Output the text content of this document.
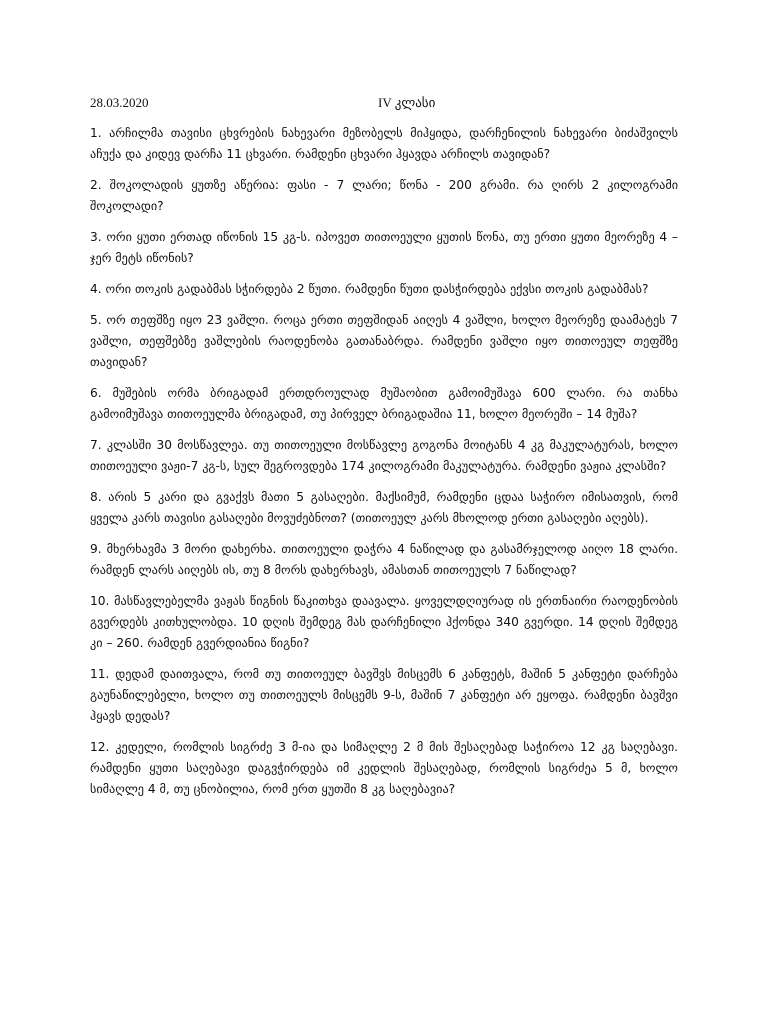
28.03.2020	IV კლასი

1. არჩილმა თავისი ცხვრების ნახევარი მეზობელს მიჰყიდა, დარჩენილის ნახევარი ბიძაშვილს აჩუქა და კიდევ დარჩა 11 ცხვარი. რამდენი ცხვარი ჰყავდა არჩილს თავიდან?

2. შოკოლადის ყუთზე აწერია: ფასი - 7 ლარი; წონა - 200 გრამი. რა ღირს 2 კილოგრამი შოკოლადი?

3. ორი ყუთი ერთად იწონის 15 კგ-ს. იპოვეთ თითოეული ყუთის წონა, თუ ერთი ყუთი მეორეზე 4 – ჯერ მეტს იწონის?

4. ორი თოკის გადაბმას სჭირდება 2 წუთი. რამდენი წუთი დასჭირდება ექვსი თოკის გადაბმას?

5. ორ თეფშზე იყო 23 ვაშლი. როცა ერთი თეფშიდან აიღეს 4 ვაშლი, ხოლო მეორეზე დაამატეს 7 ვაშლი, თეფშებზე ვაშლების რაოდენობა გათანაბრდა. რამდენი ვაშლი იყო თითოეულ თეფშზე თავიდან?

6. მუშების ორმა ბრიგადამ ერთდროულად მუშაობით გამოიმუშავა 600 ლარი. რა თანხა გამოიმუშავა თითოეულმა ბრიგადამ, თუ პირველ ბრიგადაშია 11, ხოლო მეორეში – 14 მუშა?

7. კლასში 30 მოსწავლეა. თუ თითოეული მოსწავლე გოგონა მოიტანს 4 კგ მაკულატურას, ხოლო თითოეული ვაჟი-7 კგ-ს, სულ შეგროვდება 174 კილოგრამი მაკულატურა. რამდენი ვაჟია კლასში?

8. არის 5 კარი და გვაქვს მათი 5 გასაღები. მაქსიმუმ, რამდენი ცდაა საჭირო იმისათვის, რომ ყველა კარს თავისი გასაღები მოვუძებნოთ? (თითოეულ კარს მხოლოდ ერთი გასაღები აღებს).

9. მხერხავმა 3 მორი დახერხა. თითოეული დაჭრა 4 ნაწილად და გასამრჯელოდ აიღო 18 ლარი. რამდენ ლარს აიღებს ის, თუ 8 მორს დახერხავს, ამასთან თითოეულს 7 ნაწილად?

10. მასწავლებელმა ვაჟას წიგნის წაკითხვა დაავალა. ყოველდღიურად ის ერთნაირი რაოდენობის გვერდებს კითხულობდა. 10 დღის შემდეგ მას დარჩენილი ჰქონდა 340 გვერდი. 14 დღის შემდეგ კი – 260. რამდენ გვერდიანია წიგნი?

11. დედამ დაითვალა, რომ თუ თითოეულ ბავშვს მისცემს 6 კანფეტს, მაშინ 5 კანფეტი დარჩება გაუნაწილებელი, ხოლო თუ თითოეულს მისცემს 9-ს, მაშინ 7 კანფეტი არ ეყოფა. რამდენი ბავშვი ჰყავს დედას?

12. კედელი, რომლის სიგრძე 3 მ-ია და სიმაღლე 2 მ მის შესაღებად საჭიროა 12 კგ საღებავი. რამდენი ყუთი საღებავი დაგვჭირდება იმ კედლის შესაღებად, რომლის სიგრძეა 5 მ, ხოლო სიმაღლე 4 მ, თუ ცნობილია, რომ ერთ ყუთში 8 კგ საღებავია?
